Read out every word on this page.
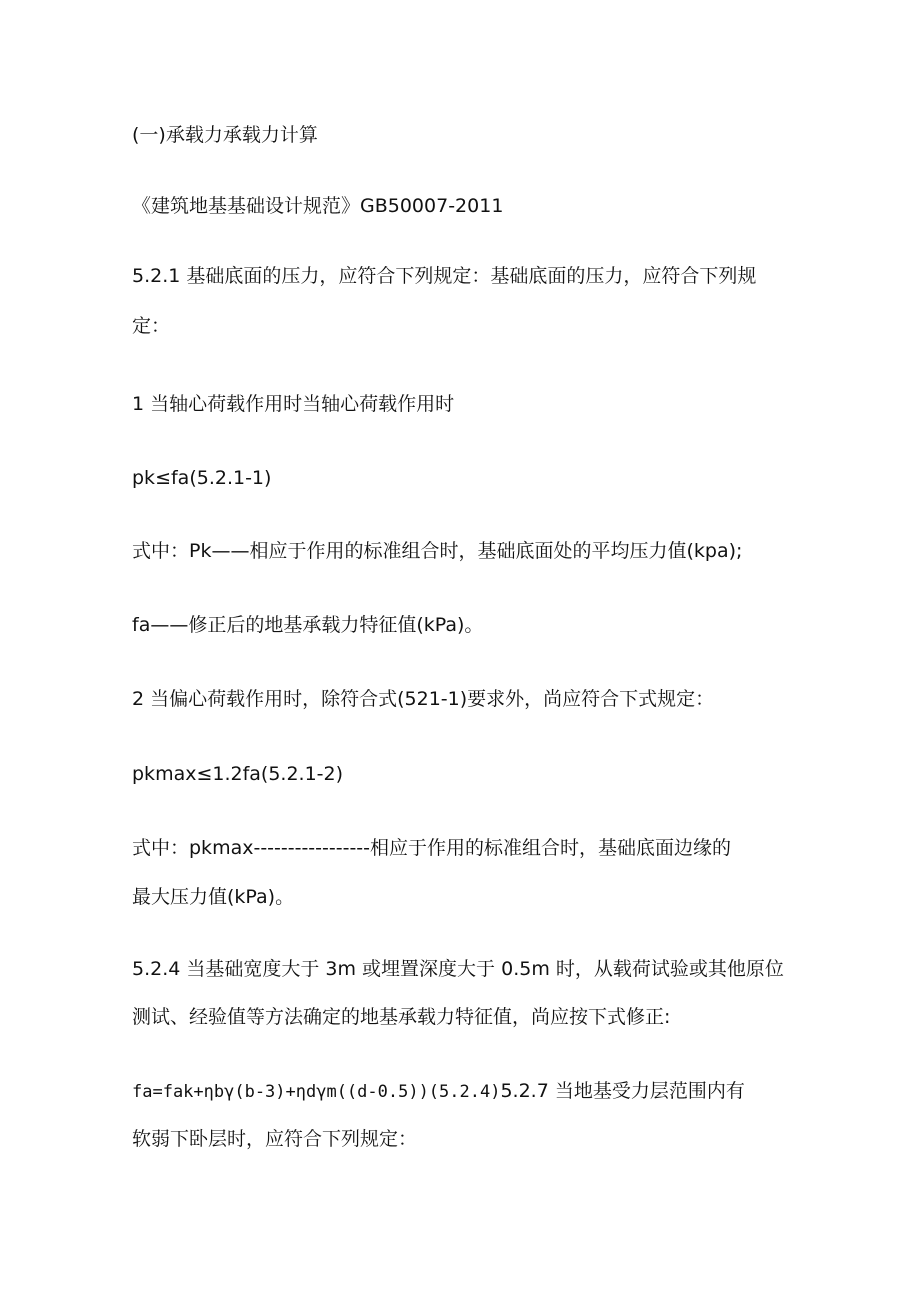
(一)承载力承载力计算
《建筑地基基础设计规范》GB50007-2011
5.2.1 基础底面的压力，应符合下列规定：基础底面的压力，应符合下列规
定：
1 当轴心荷载作用时当轴心荷载作用时
pk≤fa(5.2.1-1)
式中：Pk——相应于作用的标准组合时，基础底面处的平均压力值(kpa);
fa——修正后的地基承载力特征值(kPa)。
2 当偏心荷载作用时，除符合式(521-1)要求外，尚应符合下式规定：
pkmax≤1.2fa(5.2.1-2)
式中：pkmax-----------------相应于作用的标准组合时，基础底面边缘的
最大压力值(kPa)。
5.2.4 当基础宽度大于 3m 或埋置深度大于 0.5m 时，从载荷试验或其他原位
测试、经验值等方法确定的地基承载力特征值，尚应按下式修正:
fa=fak+ηbγ(b-3)+ηdγm((d-0.5))(5.2.4)5.2.7 当地基受力层范围内有
软弱下卧层时，应符合下列规定：
